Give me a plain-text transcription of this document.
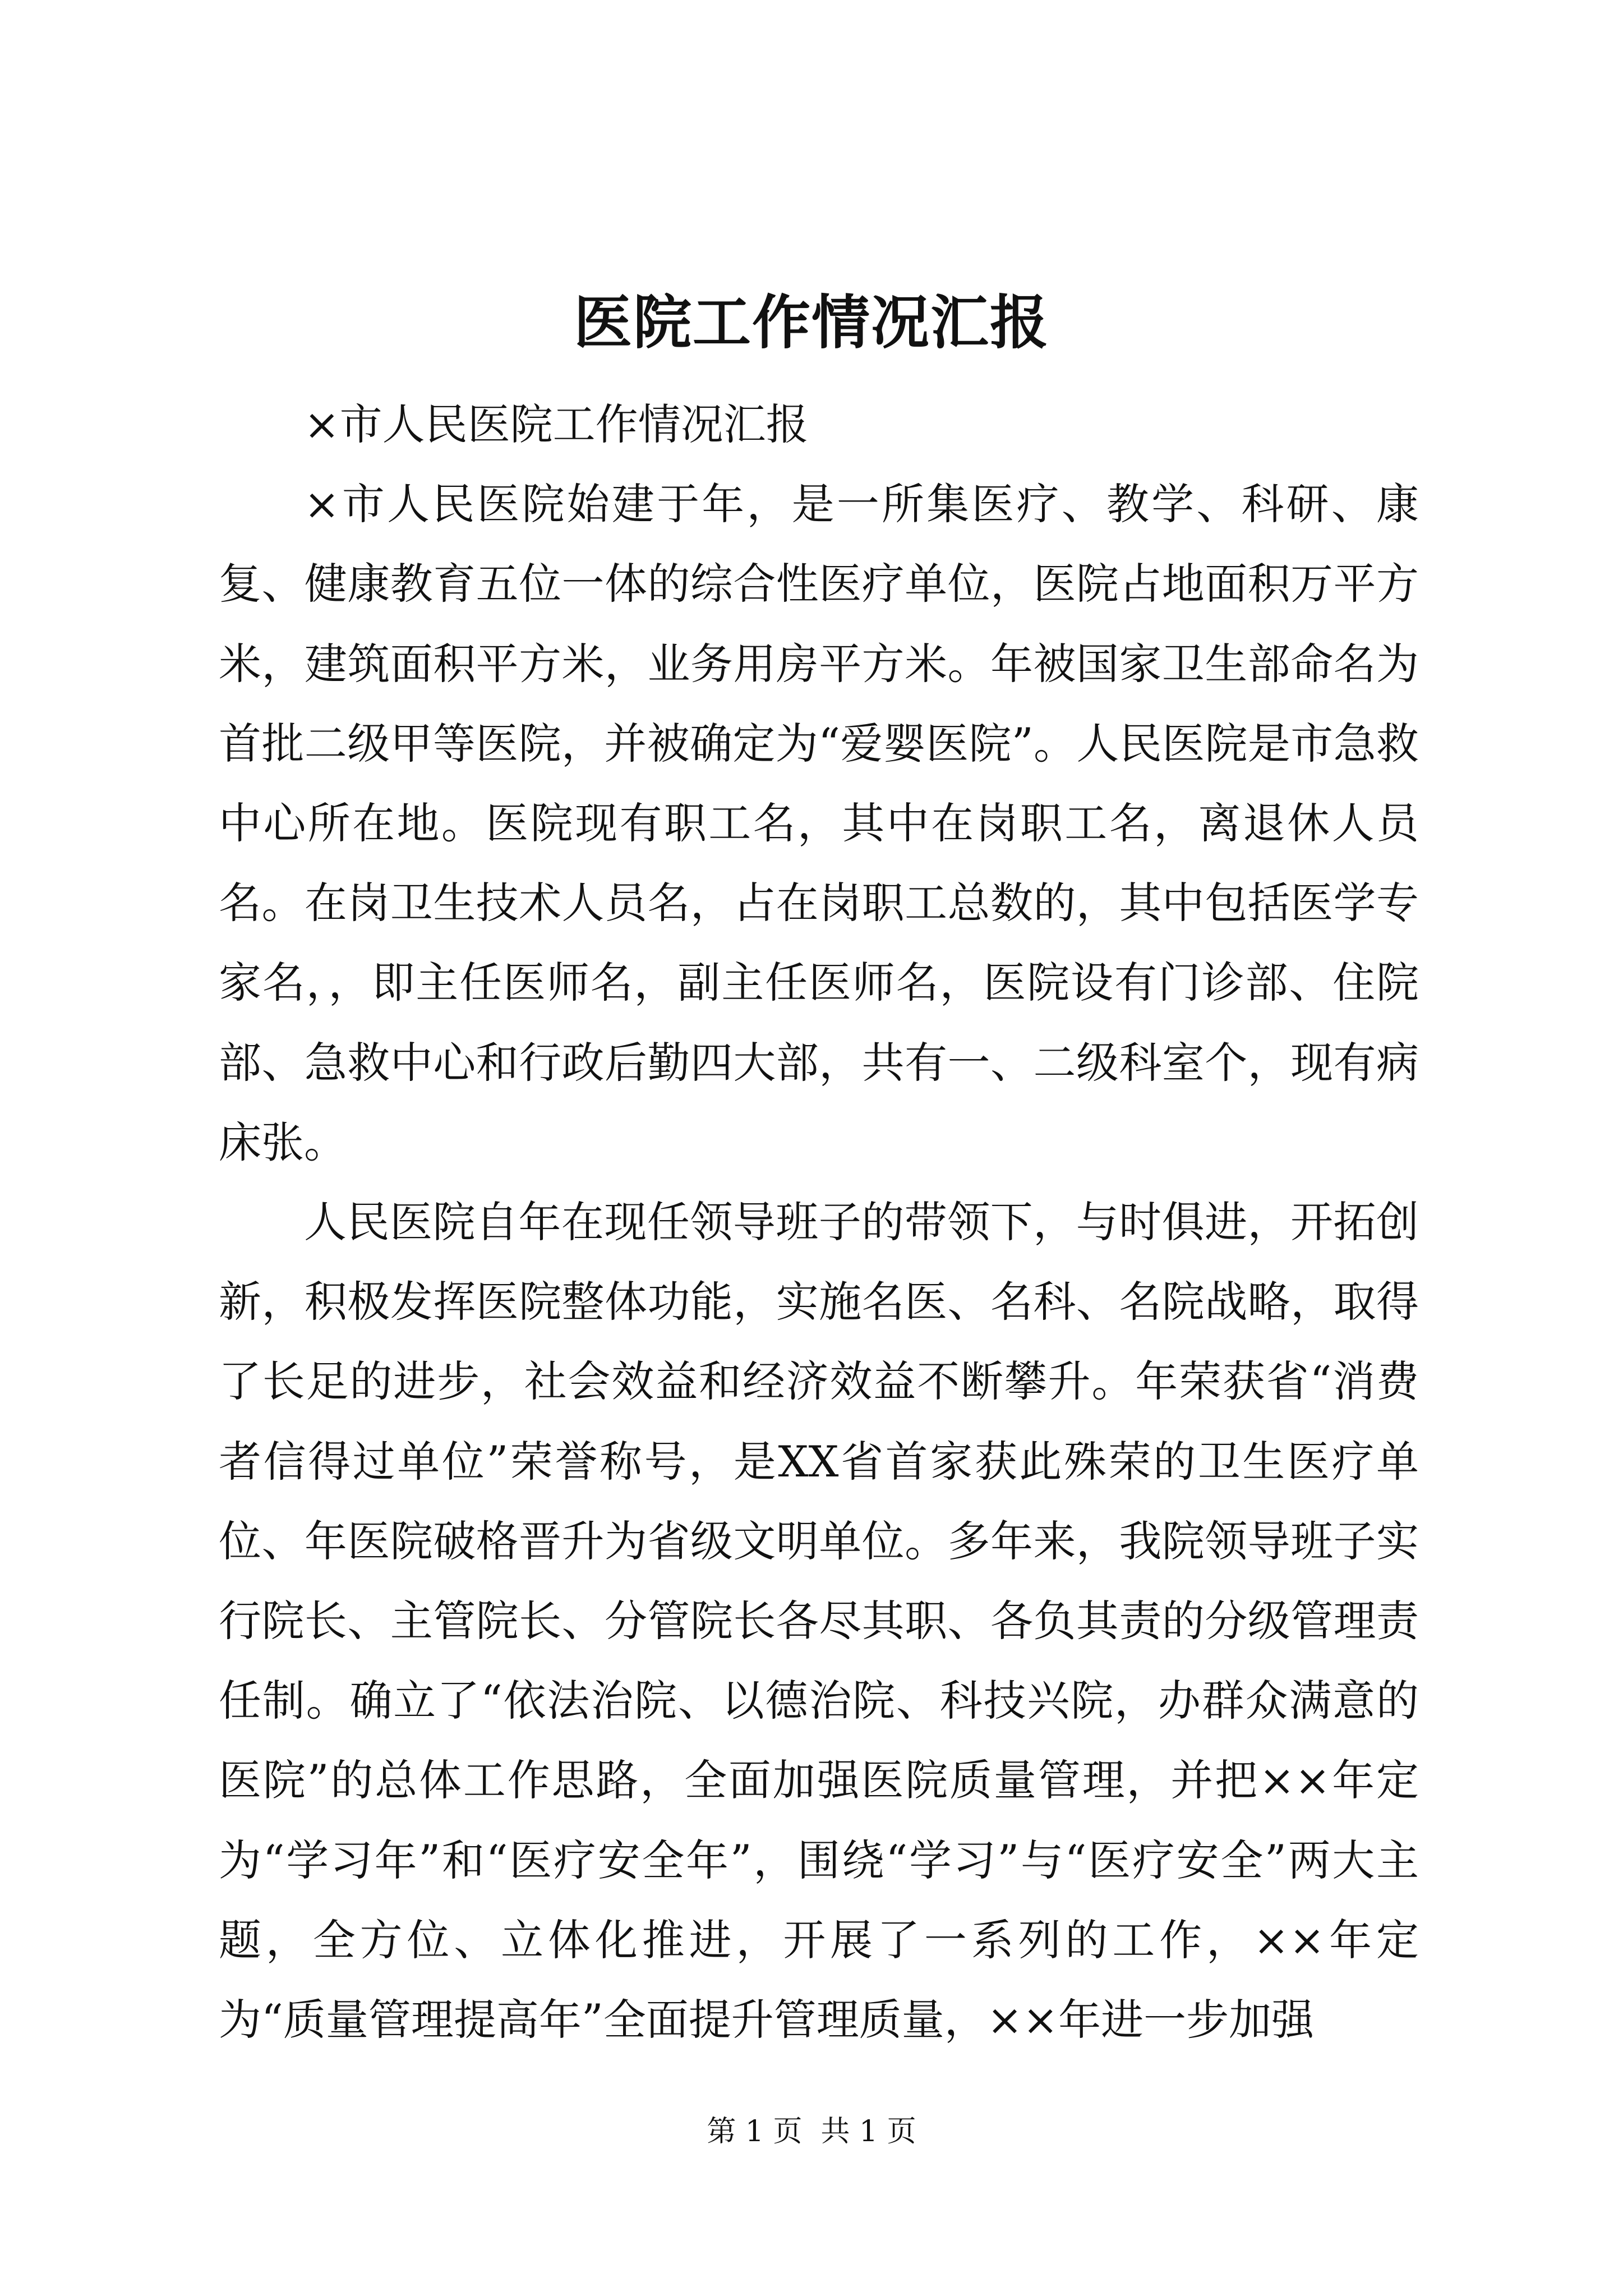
医院工作情况汇报

×市人民医院工作情况汇报

×市人民医院始建于年，是一所集医疗、教学、科研、康复、健康教育五位一体的综合性医疗单位，医院占地面积万平方米，建筑面积平方米，业务用房平方米。年被国家卫生部命名为首批二级甲等医院，并被确定为“爱婴医院”。人民医院是市急救中心所在地。医院现有职工名，其中在岗职工名，离退休人员名。在岗卫生技术人员名，占在岗职工总数的，其中包括医学专家名，，即主任医师名，副主任医师名，医院设有门诊部、住院部、急救中心和行政后勤四大部，共有一、二级科室个，现有病床张。

人民医院自年在现任领导班子的带领下，与时俱进，开拓创新，积极发挥医院整体功能，实施名医、名科、名院战略，取得了长足的进步，社会效益和经济效益不断攀升。年荣获省“消费者信得过单位”荣誉称号，是XX省首家获此殊荣的卫生医疗单位、年医院破格晋升为省级文明单位。多年来，我院领导班子实行院长、主管院长、分管院长各尽其职、各负其责的分级管理责任制。确立了“依法治院、以德治院、科技兴院，办群众满意的医院”的总体工作思路，全面加强医院质量管理，并把××年定为“学习年”和“医疗安全年”，围绕“学习”与“医疗安全”两大主题，全方位、立体化推进，开展了一系列的工作，××年定为“质量管理提高年”全面提升管理质量，××年进一步加强

第 1 页  共 1 页
